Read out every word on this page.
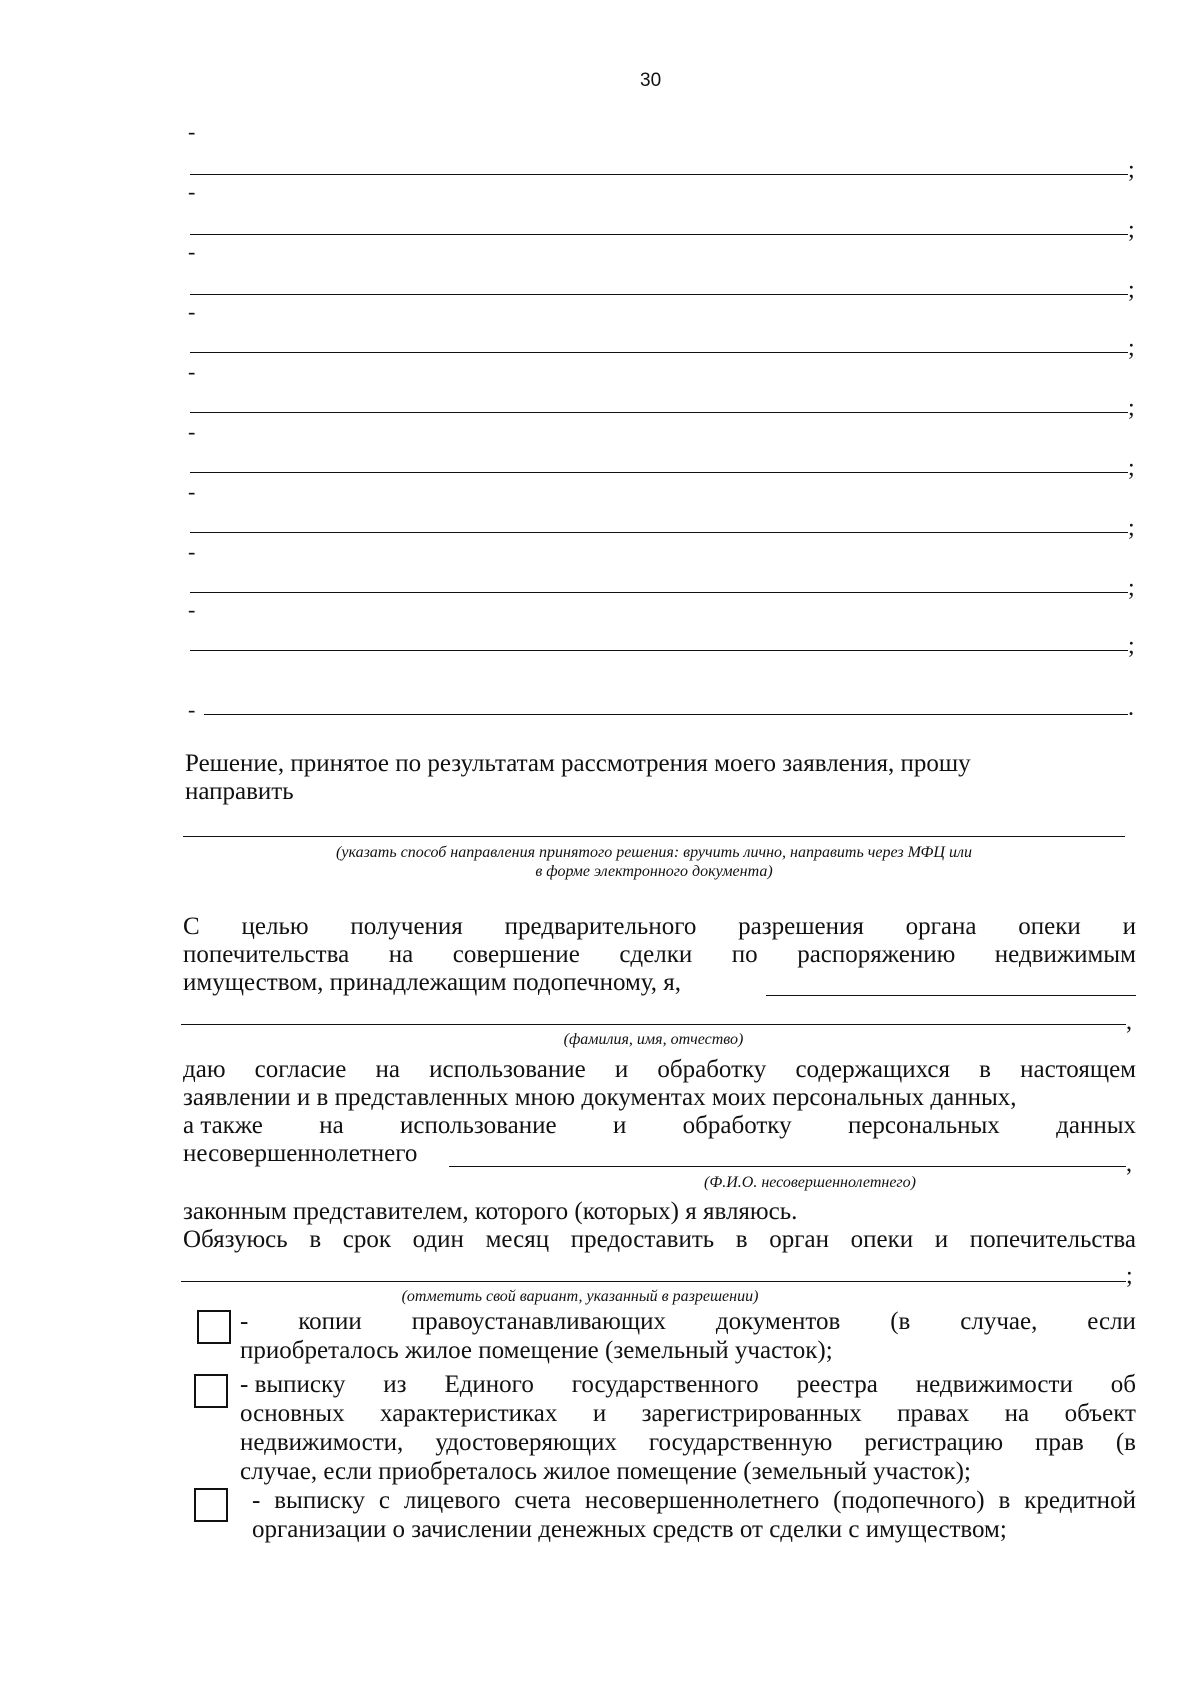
30
-
;
-
;
-
;
-
;
-
;
-
;
-
;
-
;
-
;
-	.
Решение, принятое по результатам рассмотрения моего заявления, прошу
направить
(указать способ направления принятого решения: вручить лично, направить через МФЦ или
в форме электронного документа)
С целью получения предварительного разрешения органа опеки и
попечительства на совершение сделки по распоряжению недвижимым
имуществом, принадлежащим подопечному, я,
,
(фамилия, имя, отчество)
даю согласие на использование и обработку содержащихся в настоящем
заявлении и в представленных мною документах моих персональных данных,
а также на использование и обработку персональных данных
несовершеннолетнего	,
(Ф.И.О. несовершеннолетнего)
законным представителем, которого (которых) я являюсь.
Обязуюсь в срок один месяц предоставить в орган опеки и попечительства
;
(отметить свой вариант, указанный в разрешении)
- копии правоустанавливающих документов (в случае, если
приобреталось жилое помещение (земельный участок);
- выписку из Единого государственного реестра недвижимости об
основных характеристиках и зарегистрированных правах на объект
недвижимости, удостоверяющих государственную регистрацию прав (в
случае, если приобреталось жилое помещение (земельный участок);
- выписку с лицевого счета несовершеннолетнего (подопечного) в кредитной
организации о зачислении денежных средств от сделки с имуществом;
